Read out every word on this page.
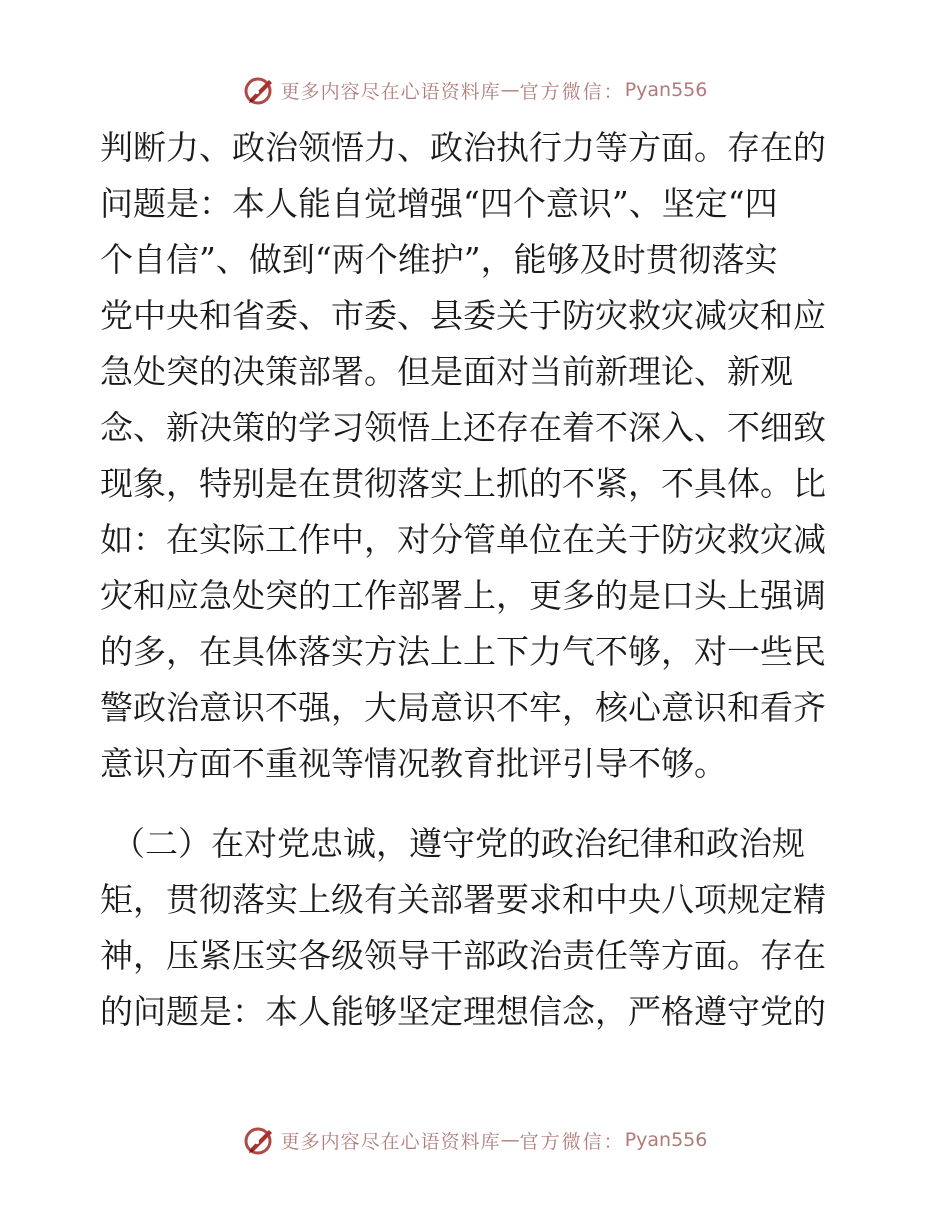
更多内容尽在心语资料库 — 官方微信： Pyan556
判断力、政治领悟力、政治执行力等方面。存在的
问题是：本人能自觉增强“四个意识”、坚定“四
个自信”、做到“两个维护”，能够及时贯彻落实
党中央和省委、市委、县委关于防灾救灾减灾和应
急处突的决策部署。但是面对当前新理论、新观
念、新决策的学习领悟上还存在着不深入、不细致
现象，特别是在贯彻落实上抓的不紧，不具体。比
如：在实际工作中，对分管单位在关于防灾救灾减
灾和应急处突的工作部署上，更多的是口头上强调
的多，在具体落实方法上上下力气不够，对一些民
警政治意识不强，大局意识不牢，核心意识和看齐
意识方面不重视等情况教育批评引导不够。
（二）在对党忠诚，遵守党的政治纪律和政治规
矩，贯彻落实上级有关部署要求和中央八项规定精
神，压紧压实各级领导干部政治责任等方面。存在
的问题是：本人能够坚定理想信念，严格遵守党的
更多内容尽在心语资料库 — 官方微信： Pyan556
